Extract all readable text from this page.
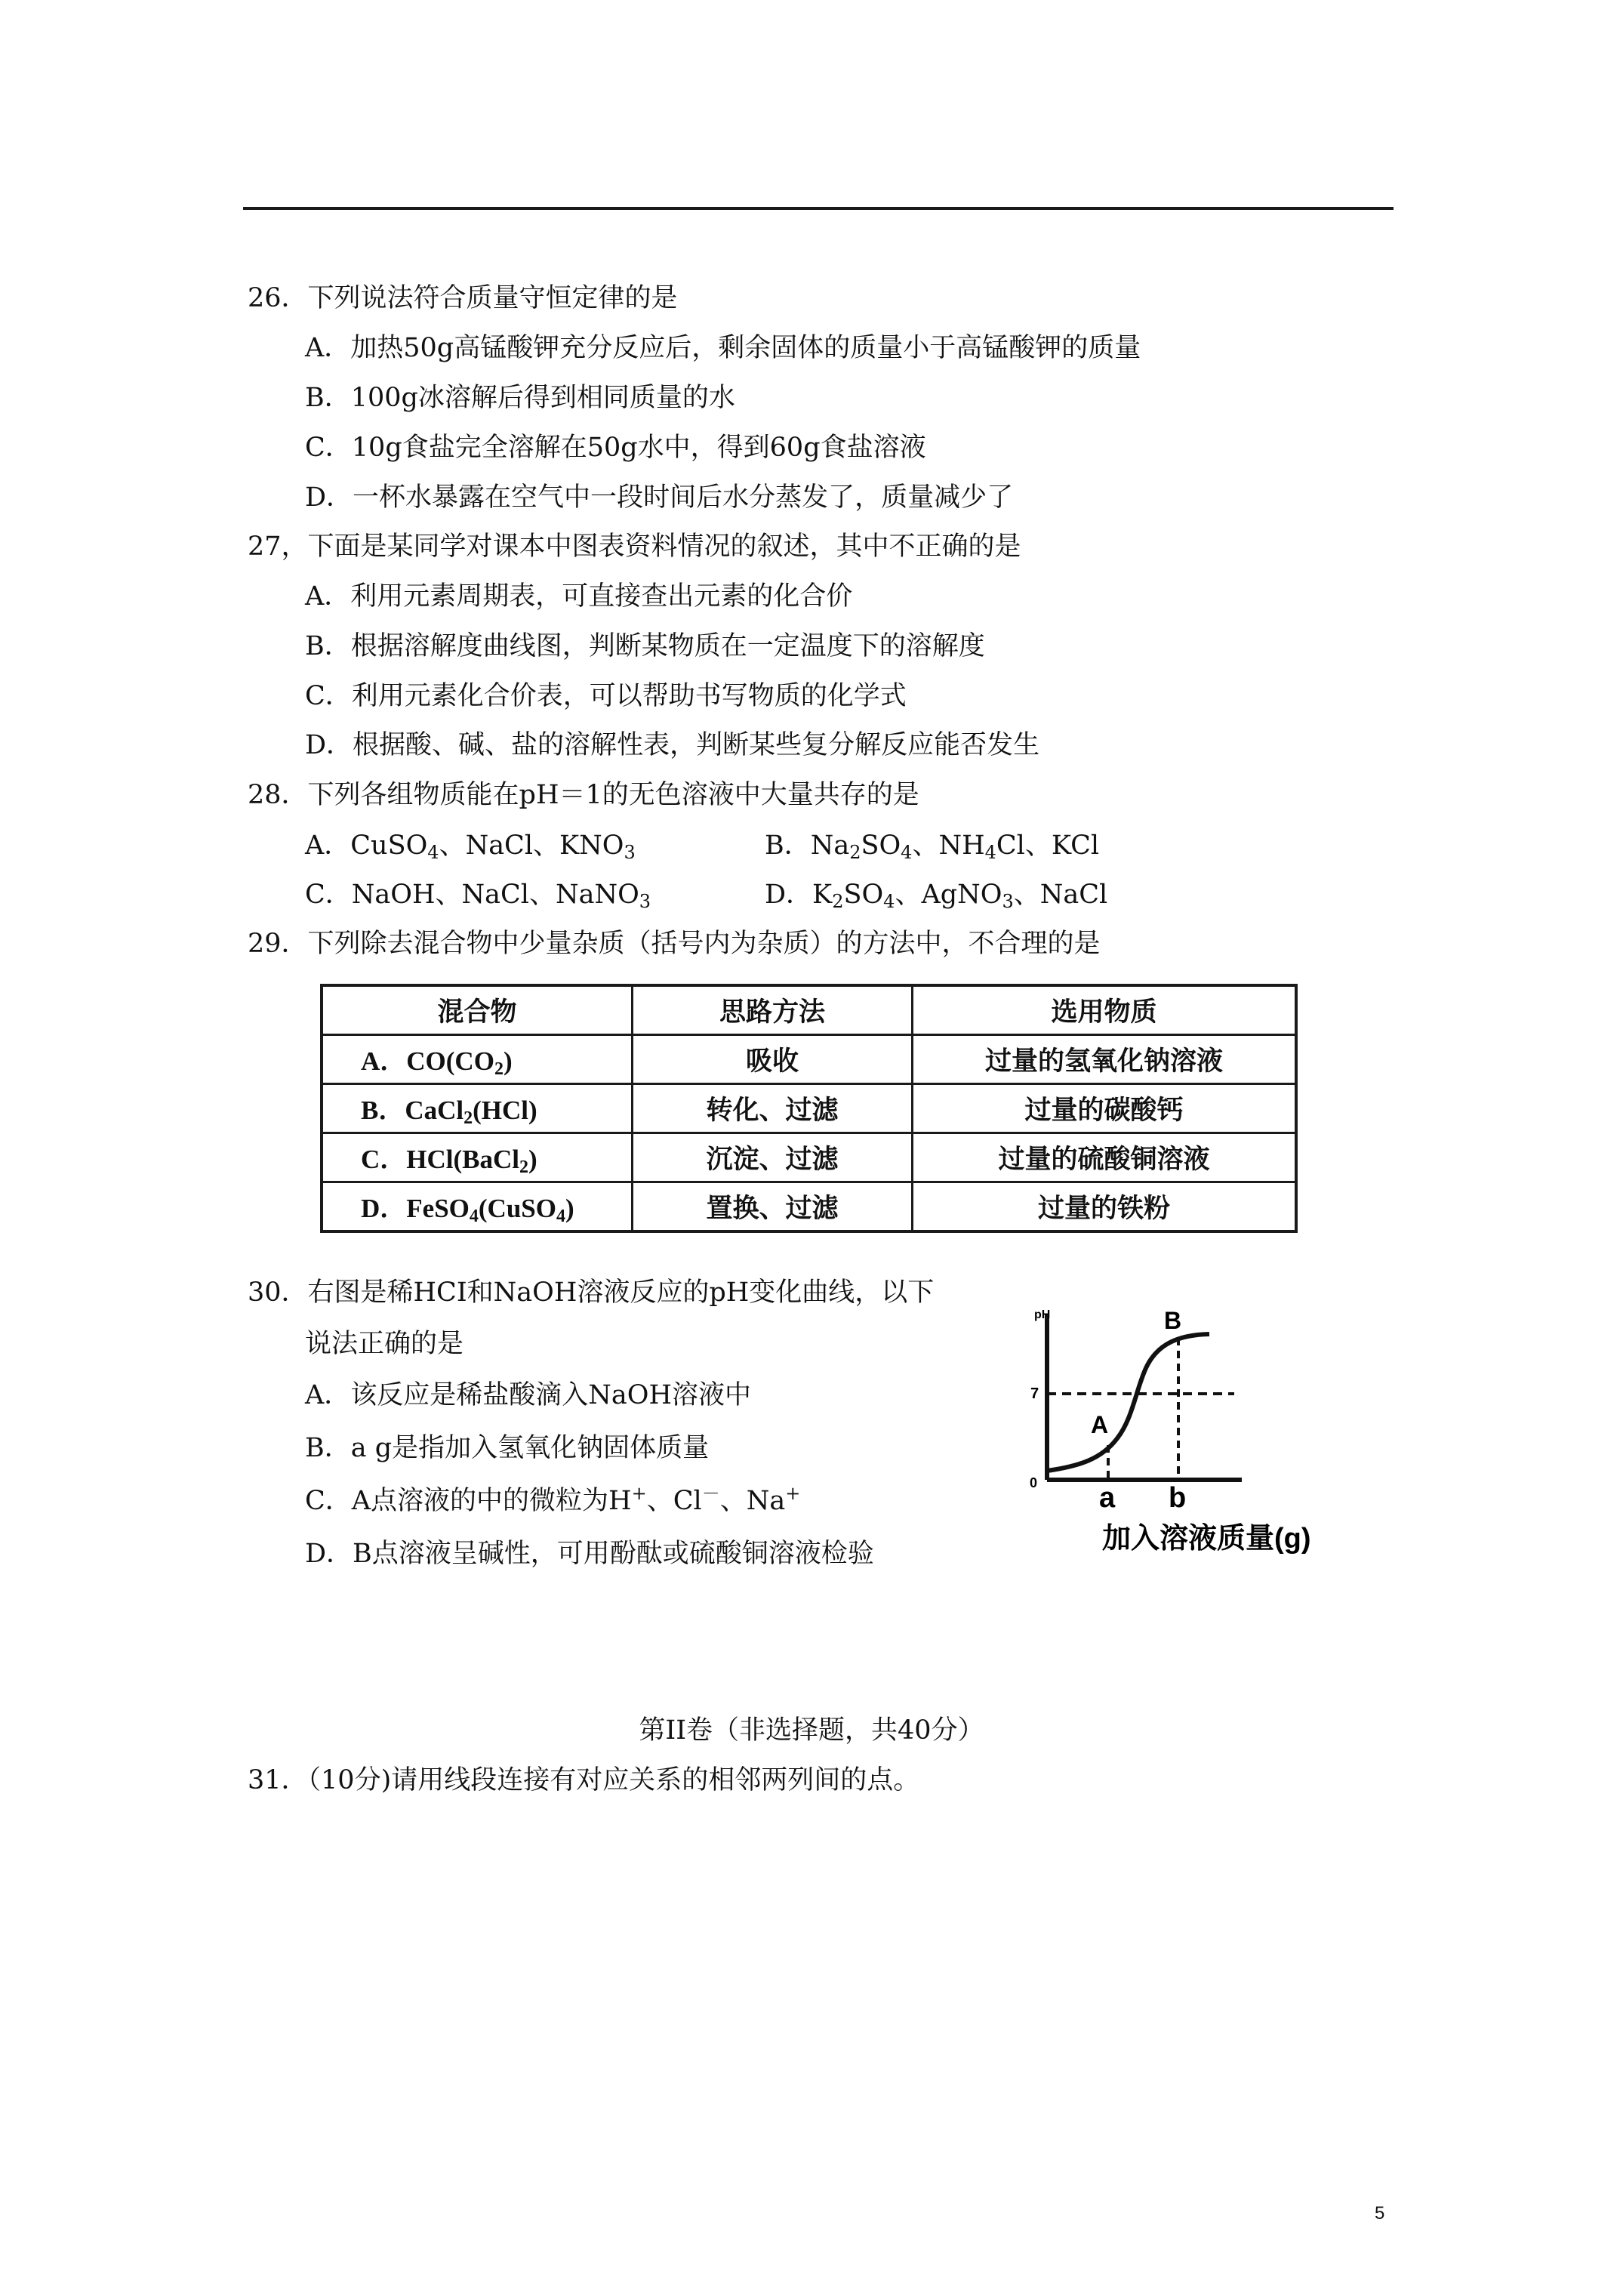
26．下列说法符合质量守恒定律的是
A．加热50g高锰酸钾充分反应后，剩余固体的质量小于高锰酸钾的质量
B．100g冰溶解后得到相同质量的水
C．10g食盐完全溶解在50g水中，得到60g食盐溶液
D．一杯水暴露在空气中一段时间后水分蒸发了，质量减少了
27，下面是某同学对课本中图表资料情况的叙述，其中不正确的是
A．利用元素周期表，可直接查出元素的化合价
B．根据溶解度曲线图，判断某物质在一定温度下的溶解度
C．利用元素化合价表，可以帮助书写物质的化学式
D．根据酸、碱、盐的溶解性表，判断某些复分解反应能否发生
28．下列各组物质能在pH＝1的无色溶液中大量共存的是
A．CuSO$_4$、NaCl、$KNO_3$	B．$Na_2SO_4$、$NH_4Cl$、KCl
C．NaOH、NaCl、NaNO$_3$	D．$K_2SO_4$、AgNO$_3$、NaCl
29．下列除去混合物中少量杂质（括号内为杂质）的方法中，不合理的是
混合物	思路方法	选用物质
A．$CO(CO_2)$	吸收	过量的氢氧化钠溶液
B．CaCl$_2$(HCl)	转化、过滤	过量的碳酸钙
C．HCl(BaCl$_2$)	沉淀、过滤	过量的硫酸铜溶液
D．FeSO$_4$(CuSO$_4$)	置换、过滤	过量的铁粉
30．右图是稀HCI和NaOH溶液反应的pH变化曲线，以下
说法正确的是
A．该反应是稀盐酸滴入NaOH溶液中
B．a g是指加入氢氧化钠固体质量
C．A点溶液的中的微粒为H+、Cl－、Na+
D．B点溶液呈碱性，可用酚酞或硫酸铜溶液检验
pH
7
0 a b
A
B
加入溶液质量(g)
第II卷（非选择题，共40分）
31．（10分)请用线段连接有对应关系的相邻两列间的点。
5
